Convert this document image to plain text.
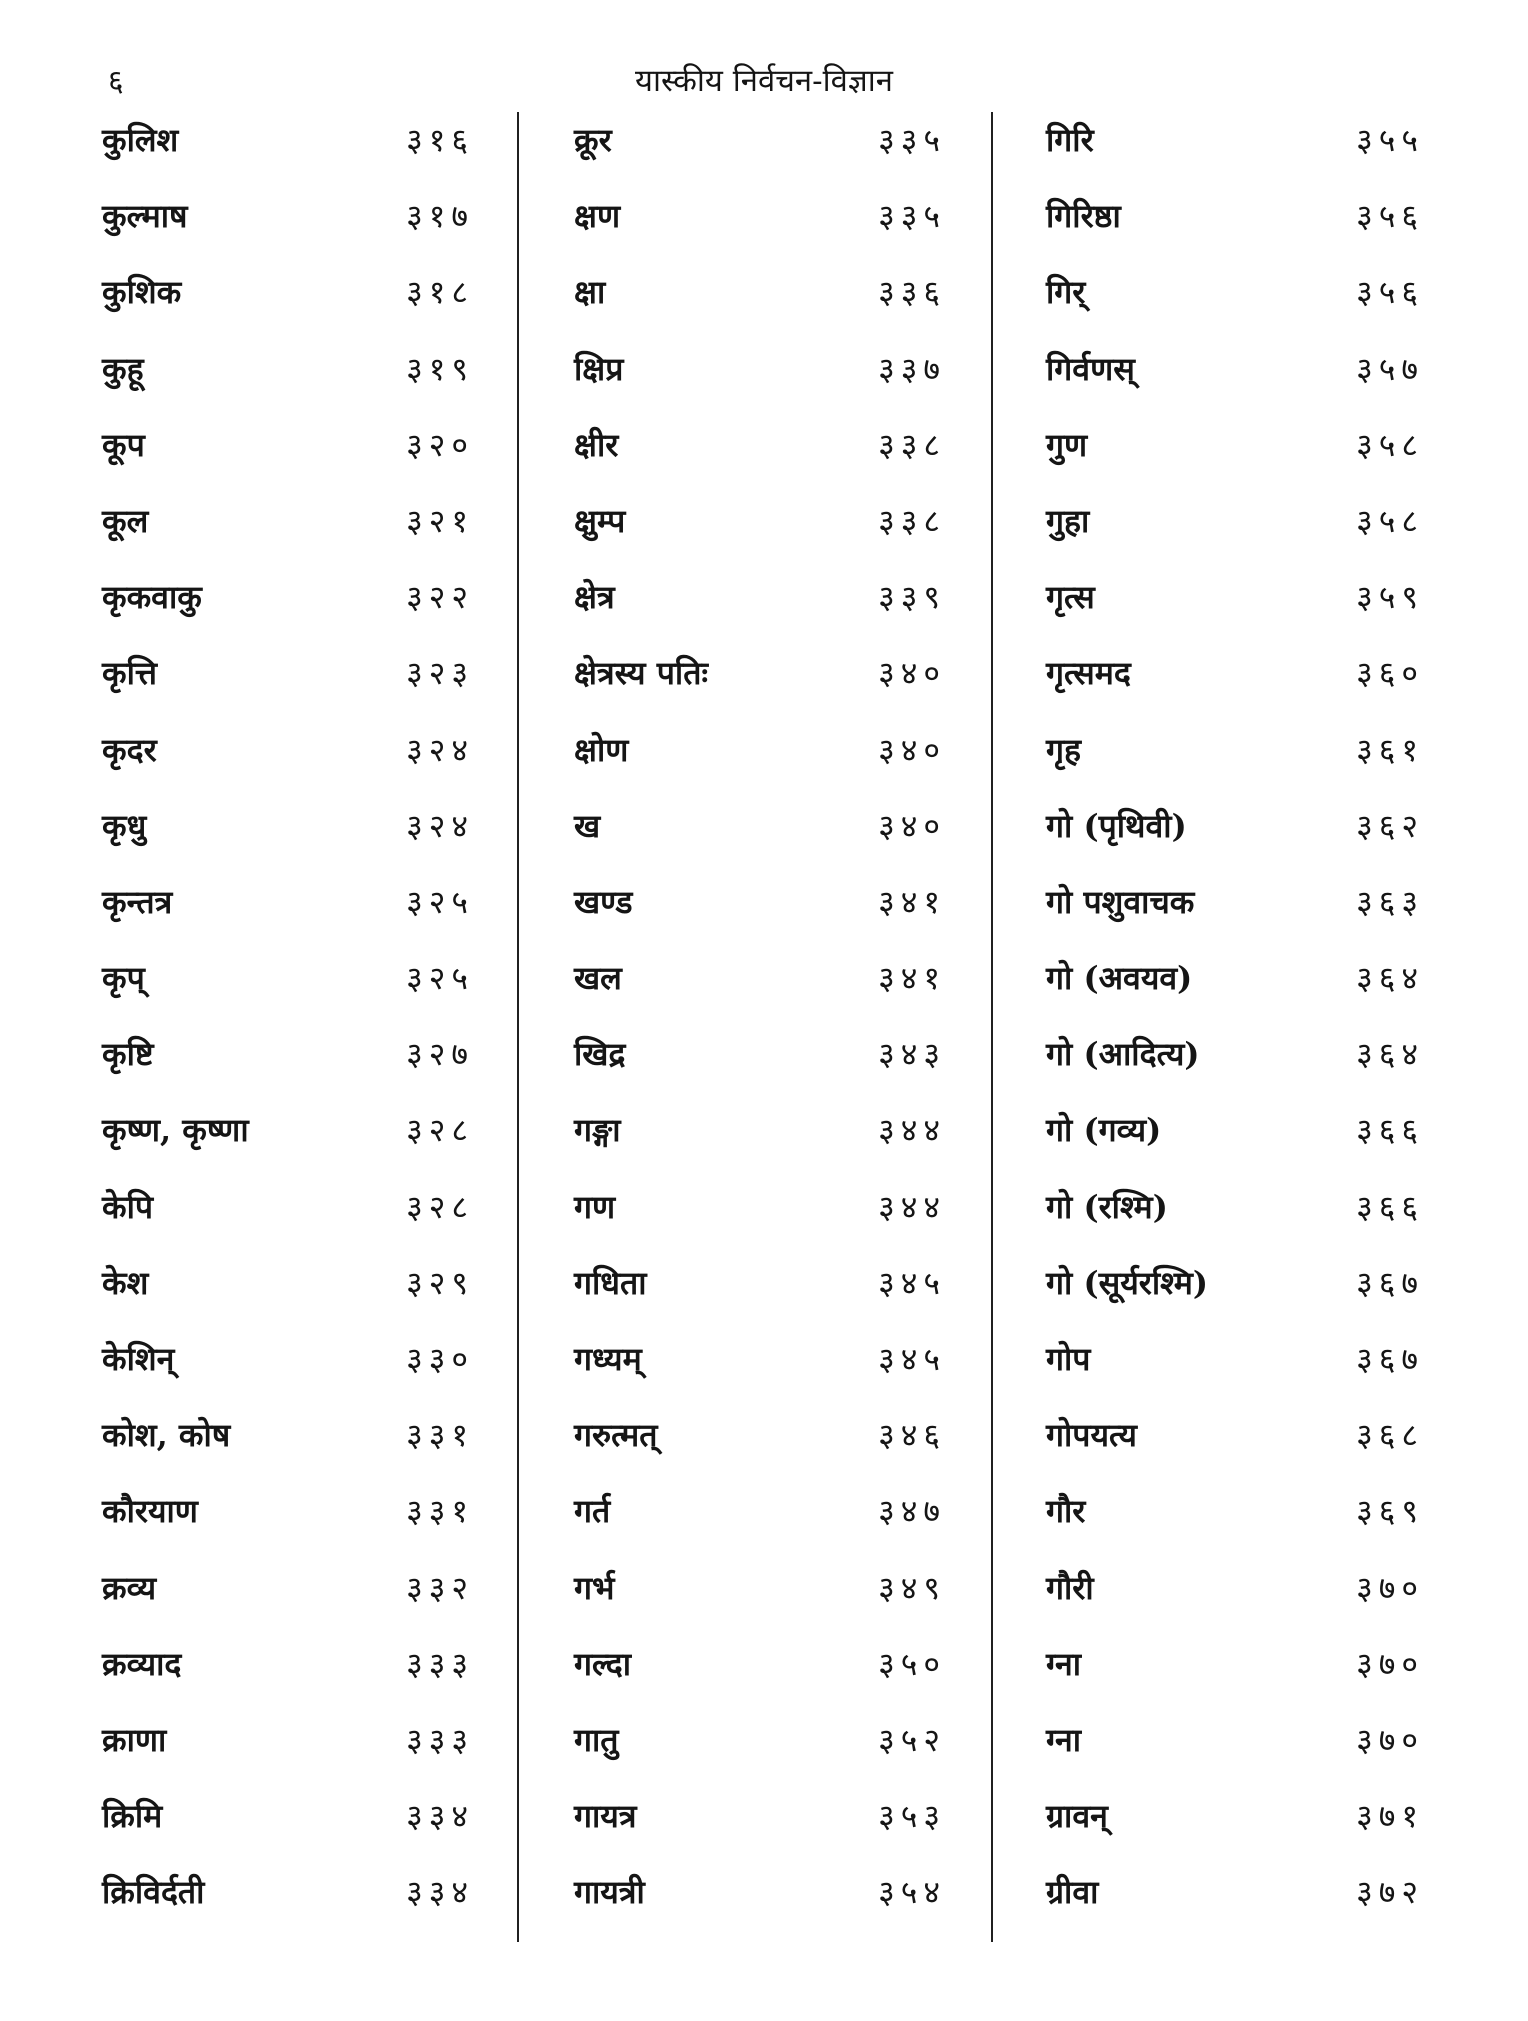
६	यास्कीय निर्वचन-विज्ञान
कुलिश	३१६
कुल्माष	३१७
कुशिक	३१८
कुहू	३१९
कूप	३२०
कूल	३२१
कृकवाकु	३२२
कृत्ति	३२३
कृदर	३२४
कृधु	३२४
कृन्तत्र	३२५
कृप्	३२५
कृष्टि	३२७
कृष्ण, कृष्णा	३२८
केपि	३२८
केश	३२९
केशिन्	३३०
कोश, कोष	३३१
कौरयाण	३३१
क्रव्य	३३२
क्रव्याद	३३३
क्राणा	३३३
क्रिमि	३३४
क्रिविर्दती	३३४
क्रूर	३३५
क्षण	३३५
क्षा	३३६
क्षिप्र	३३७
क्षीर	३३८
क्षुम्प	३३८
क्षेत्र	३३९
क्षेत्रस्य पतिः	३४०
क्षोण	३४०
ख	३४०
खण्ड	३४१
खल	३४१
खिद्र	३४३
गङ्गा	३४४
गण	३४४
गधिता	३४५
गध्यम्	३४५
गरुत्मत्	३४६
गर्त	३४७
गर्भ	३४९
गल्दा	३५०
गातु	३५२
गायत्र	३५३
गायत्री	३५४
गिरि	३५५
गिरिष्ठा	३५६
गिर्	३५६
गिर्वणस्	३५७
गुण	३५८
गुहा	३५८
गृत्स	३५९
गृत्समद	३६०
गृह	३६१
गो (पृथिवी)	३६२
गो पशुवाचक	३६३
गो (अवयव)	३६४
गो (आदित्य)	३६४
गो (गव्य)	३६६
गो (रश्मि)	३६६
गो (सूर्यरश्मि)	३६७
गोप	३६७
गोपयत्य	३६८
गौर	३६९
गौरी	३७०
ग्ना	३७०
ग्ना	३७०
ग्रावन्	३७१
ग्रीवा	३७२
